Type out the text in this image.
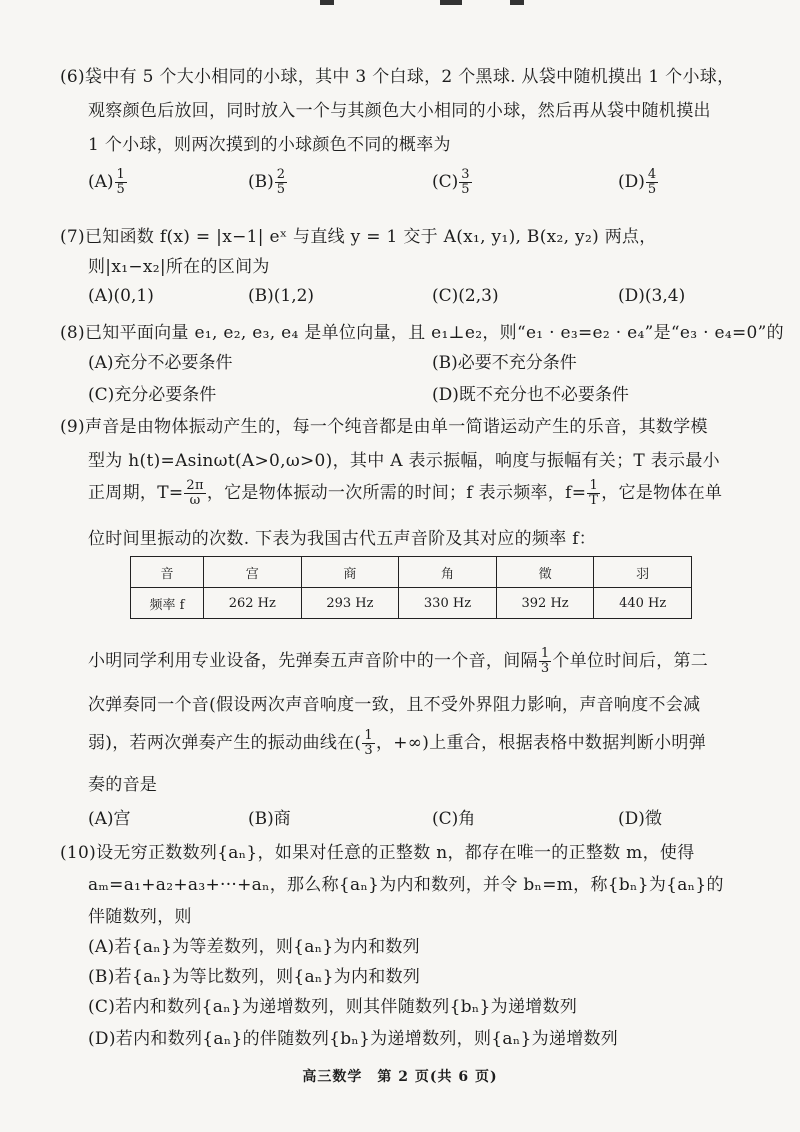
(6)袋中有 5 个大小相同的小球，其中 3 个白球，2 个黑球. 从袋中随机摸出 1 个小球，
观察颜色后放回，同时放入一个与其颜色大小相同的小球，然后再从袋中随机摸出
1 个小球，则两次摸到的小球颜色不同的概率为
$(A) \frac{1}{5}$	$(B) \frac{2}{5}$	$(C) \frac{3}{5}$	$(D) \frac{4}{5}$
(7)已知函数 f(x) = |x−1| eˣ 与直线 y = 1 交于 A(x₁, y₁), B(x₂, y₂) 两点，
则|x₁−x₂|所在的区间为
(A)(0,1)	(B)(1,2)	(C)(2,3)	(D)(3,4)
(8)已知平面向量 e₁, e₂, e₃, e₄ 是单位向量，且 e₁⊥e₂，则“e₁ · e₃=e₂ · e₄”是“e₃ · e₄=0”的
(A)充分不必要条件	(B)必要不充分条件
(C)充分必要条件	(D)既不充分也不必要条件
(9)声音是由物体振动产生的，每一个纯音都是由单一简谐运动产生的乐音，其数学模
型为 h(t)=Asinωt(A>0,ω>0)，其中 A 表示振幅，响度与振幅有关；T 表示最小
正周期，$T= \frac{2\pi}{\omega}$ ，它是物体振动一次所需的时间；f 表示频率，$f= \frac{1}{T}$ ，它是物体在单
位时间里振动的次数. 下表为我国古代五声音阶及其对应的频率 f：
音	宫	商	角	徵	羽
频率 f	262 Hz	293 Hz	330 Hz	392 Hz	440 Hz
小明同学利用专业设备，先弹奏五声音阶中的一个音，间隔 $\frac{1}{3}$ 个单位时间后，第二
次弹奏同一个音(假设两次声音响度一致，且不受外界阻力影响，声音响度不会减
弱)，若两次弹奏产生的振动曲线在( $\frac{1}{3}$ ，+∞)上重合，根据表格中数据判断小明弹
奏的音是
(A)宫	(B)商	(C)角	(D)徵
(10)设无穷正数数列{aₙ}，如果对任意的正整数 n，都存在唯一的正整数 m，使得
aₘ=a₁+a₂+a₃+···+aₙ，那么称{aₙ}为内和数列，并令 bₙ=m，称{bₙ}为{aₙ}的
伴随数列，则
(A)若{aₙ}为等差数列，则{aₙ}为内和数列
(B)若{aₙ}为等比数列，则{aₙ}为内和数列
(C)若内和数列{aₙ}为递增数列，则其伴随数列{bₙ}为递增数列
(D)若内和数列{aₙ}的伴随数列{bₙ}为递增数列，则{aₙ}为递增数列
高三数学　第 2 页(共 6 页)
